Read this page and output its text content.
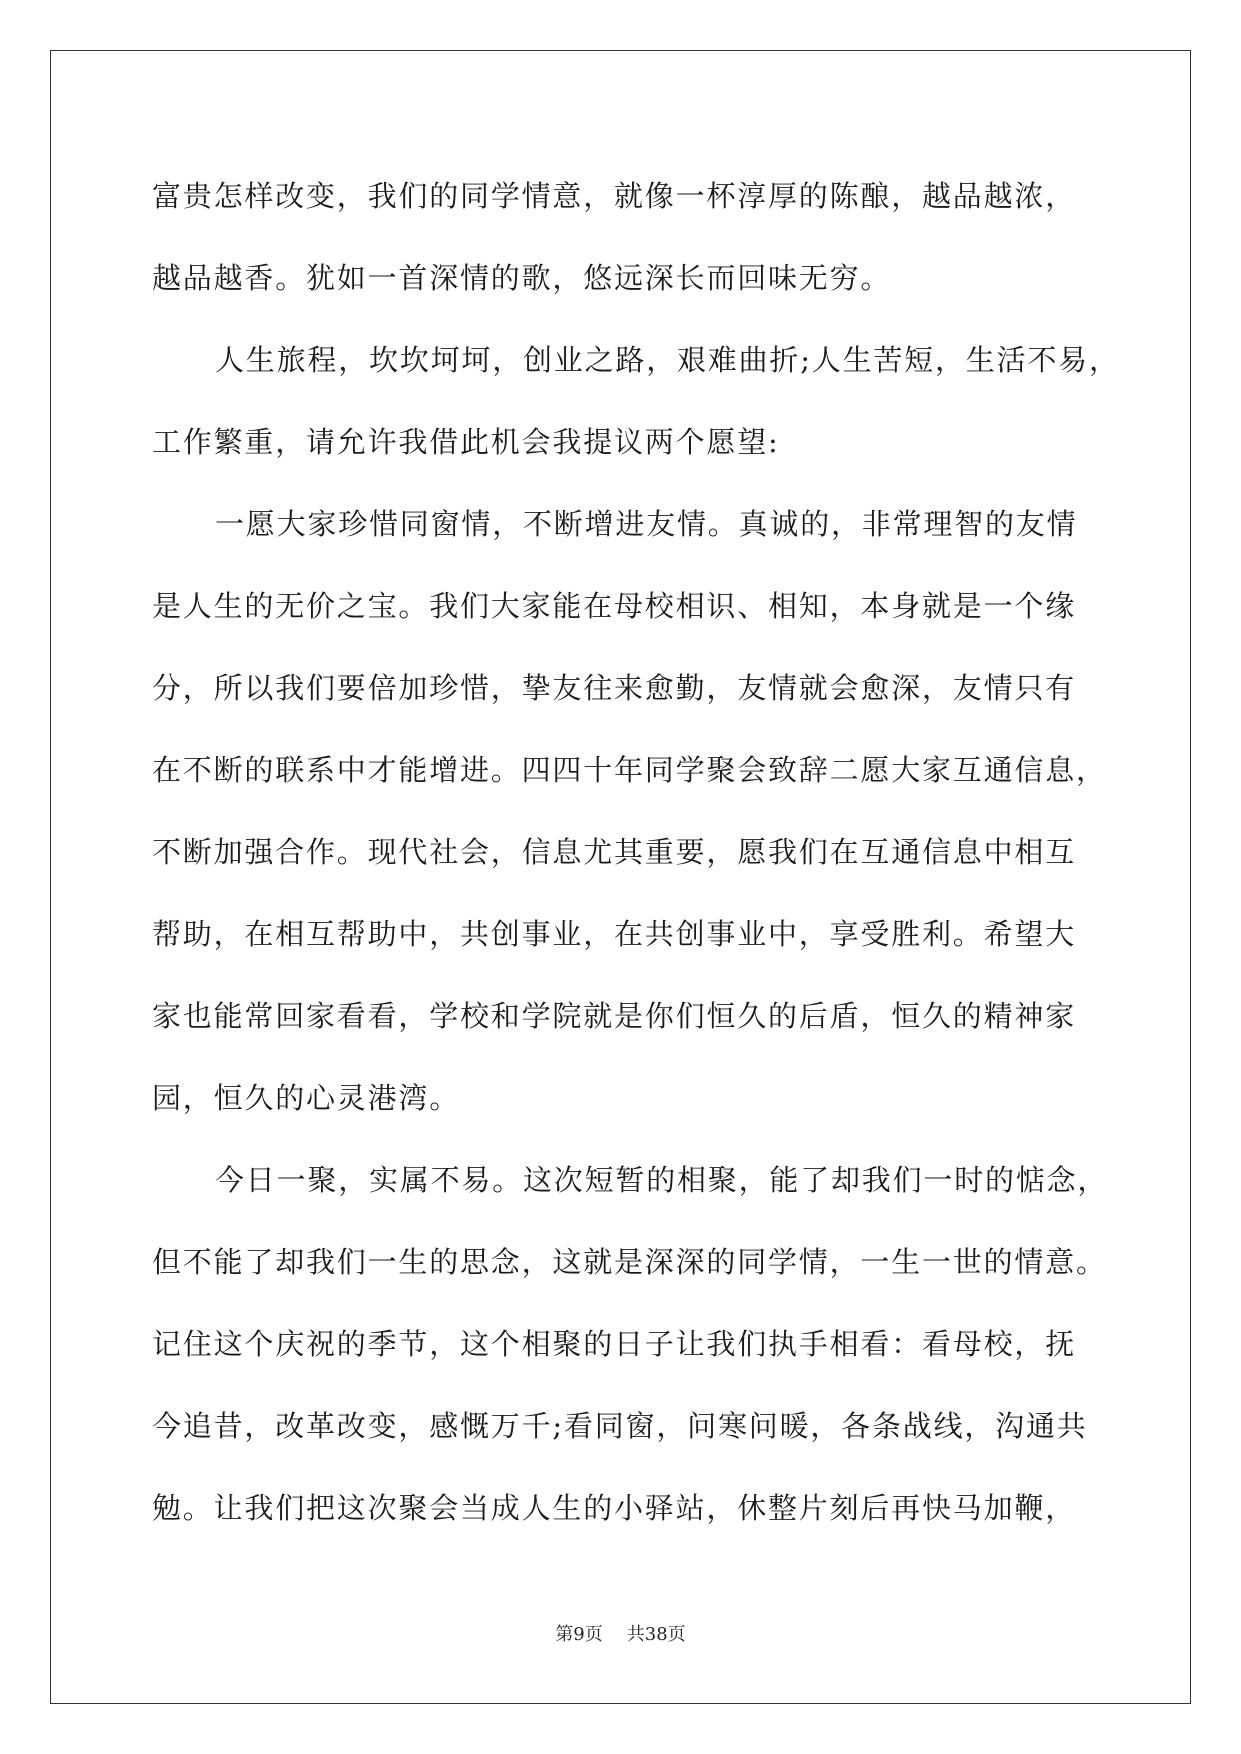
富贵怎样改变，我们的同学情意，就像一杯淳厚的陈酿，越品越浓，
越品越香。犹如一首深情的歌，悠远深长而回味无穷。
人生旅程，坎坎坷坷，创业之路，艰难曲折;人生苦短，生活不易，
工作繁重，请允许我借此机会我提议两个愿望:
一愿大家珍惜同窗情，不断增进友情。真诚的，非常理智的友情
是人生的无价之宝。我们大家能在母校相识、相知，本身就是一个缘
分，所以我们要倍加珍惜，挚友往来愈勤，友情就会愈深，友情只有
在不断的联系中才能增进。四四十年同学聚会致辞二愿大家互通信息，
不断加强合作。现代社会，信息尤其重要，愿我们在互通信息中相互
帮助，在相互帮助中，共创事业，在共创事业中，享受胜利。希望大
家也能常回家看看，学校和学院就是你们恒久的后盾，恒久的精神家
园，恒久的心灵港湾。
今日一聚，实属不易。这次短暂的相聚，能了却我们一时的惦念，
但不能了却我们一生的思念，这就是深深的同学情，一生一世的情意。
记住这个庆祝的季节，这个相聚的日子让我们执手相看：看母校，抚
今追昔，改革改变，感慨万千;看同窗，问寒问暖，各条战线，沟通共
勉。让我们把这次聚会当成人生的小驿站，休整片刻后再快马加鞭，
第9页 共38页
